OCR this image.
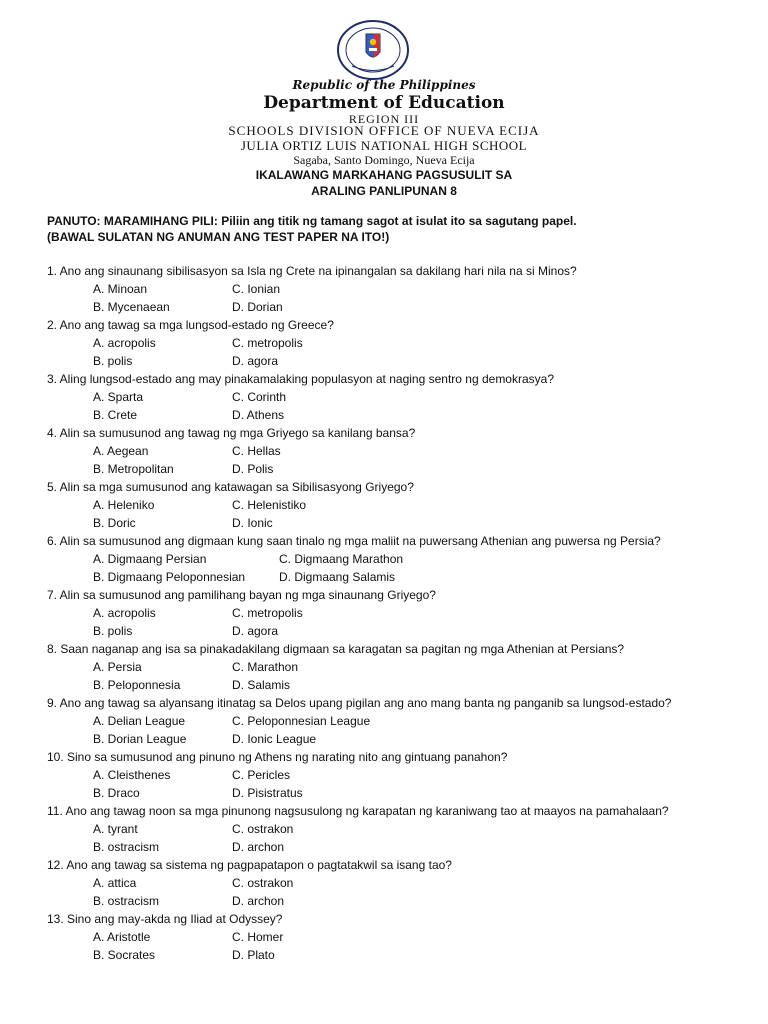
Republic of the Philippines
Department of Education
REGION III
SCHOOLS DIVISION OFFICE OF NUEVA ECIJA
JULIA ORTIZ LUIS NATIONAL HIGH SCHOOL
Sagaba, Santo Domingo, Nueva Ecija
IKALAWANG MARKAHANG PAGSUSULIT SA
ARALING PANLIPUNAN 8
PANUTO: MARAMIHANG PILI: Piliin ang titik ng tamang sagot at isulat ito sa sagutang papel.
(BAWAL SULATAN NG ANUMAN ANG TEST PAPER NA ITO!)
1. Ano ang sinaunang sibilisasyon sa Isla ng Crete na ipinangalan sa dakilang hari nila na si Minos?
A. Minoan	C. Ionian
B. Mycenaean	D. Dorian
2. Ano ang tawag sa mga lungsod-estado ng Greece?
A. acropolis	C. metropolis
B. polis	D. agora
3. Aling lungsod-estado ang may pinakamalaking populasyon at naging sentro ng demokrasya?
A. Sparta	C. Corinth
B. Crete	D. Athens
4. Alin sa sumusunod ang tawag ng mga Griyego sa kanilang bansa?
A. Aegean	C. Hellas
B. Metropolitan	D. Polis
5. Alin sa mga sumusunod ang katawagan sa Sibilisasyong Griyego?
A. Heleniko	C. Helenistiko
B. Doric	D. Ionic
6. Alin sa sumusunod ang digmaan kung saan tinalo ng mga maliit na puwersang Athenian ang puwersa ng Persia?
A. Digmaang Persian	C. Digmaang Marathon
B. Digmaang Peloponnesian	D. Digmaang Salamis
7. Alin sa sumusunod ang pamilihang bayan ng mga sinaunang Griyego?
A. acropolis	C. metropolis
B. polis	D. agora
8. Saan naganap ang isa sa pinakadakilang digmaan sa karagatan sa pagitan ng mga Athenian at Persians?
A. Persia	C. Marathon
B. Peloponnesia	D. Salamis
9. Ano ang tawag sa alyansang itinatag sa Delos upang pigilan ang ano mang banta ng panganib sa lungsod-estado?
A. Delian League	C. Peloponnesian League
B. Dorian League	D. Ionic League
10. Sino sa sumusunod ang pinuno ng Athens ng narating nito ang gintuang panahon?
A. Cleisthenes	C. Pericles
B. Draco	D. Pisistratus
11. Ano ang tawag noon sa mga pinunong nagsusulong ng karapatan ng karaniwang tao at maayos na pamahalaan?
A. tyrant	C. ostrakon
B. ostracism	D. archon
12. Ano ang tawag sa sistema ng pagpapatapon o pagtatakwil sa isang tao?
A. attica	C. ostrakon
B. ostracism	D. archon
13. Sino ang may-akda ng Iliad at Odyssey?
A. Aristotle	C. Homer
B. Socrates	D. Plato
